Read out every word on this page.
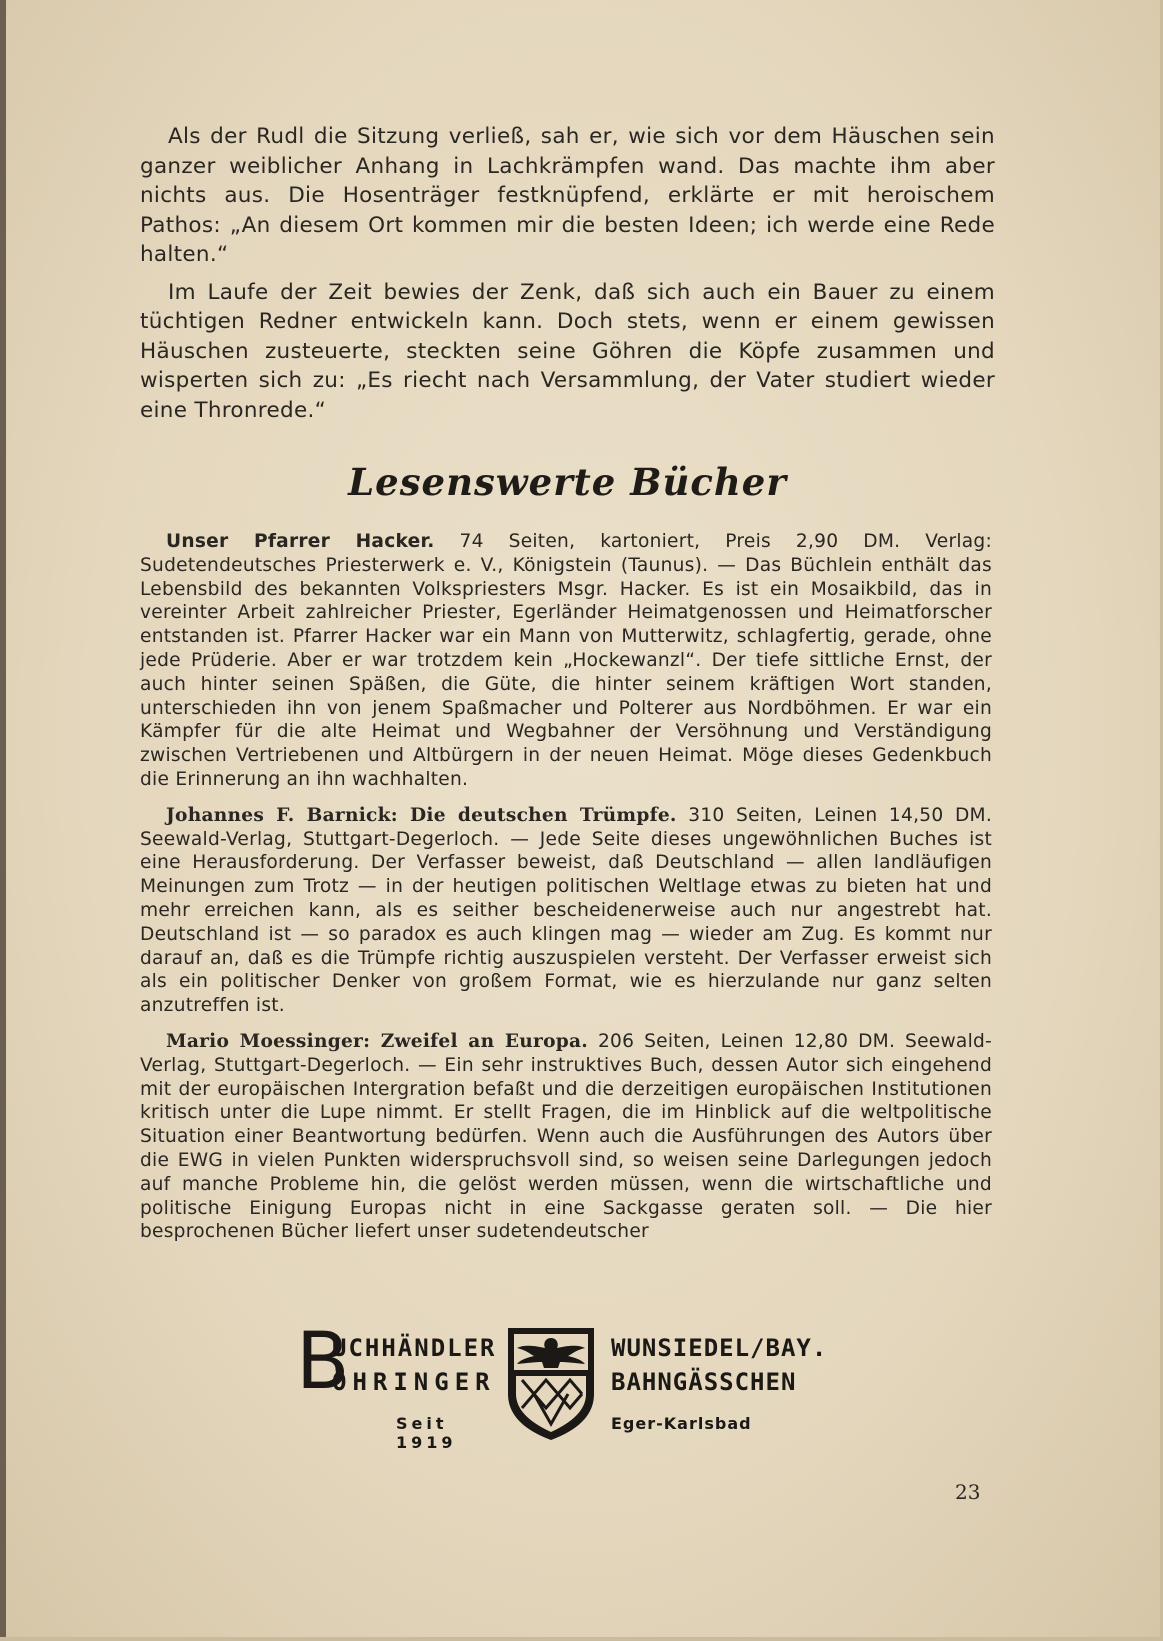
Als der Rudl die Sitzung verließ, sah er, wie sich vor dem Häuschen sein ganzer weiblicher Anhang in Lachkrämpfen wand. Das machte ihm aber nichts aus. Die Hosenträger festknüpfend, erklärte er mit heroischem Pathos: „An diesem Ort kommen mir die besten Ideen; ich werde eine Rede halten.“

Im Laufe der Zeit bewies der Zenk, daß sich auch ein Bauer zu einem tüchtigen Redner entwickeln kann. Doch stets, wenn er einem gewissen Häuschen zusteuerte, steckten seine Göhren die Köpfe zusammen und wisperten sich zu: „Es riecht nach Versammlung, der Vater studiert wieder eine Thronrede.“

Lesenswerte Bücher

Unser Pfarrer Hacker. 74 Seiten, kartoniert, Preis 2,90 DM. Verlag: Sudetendeutsches Priesterwerk e. V., Königstein (Taunus). — Das Büchlein enthält das Lebensbild des bekannten Volkspriesters Msgr. Hacker. Es ist ein Mosaikbild, das in vereinter Arbeit zahlreicher Priester, Egerländer Heimatgenossen und Heimatforscher entstanden ist. Pfarrer Hacker war ein Mann von Mutterwitz, schlagfertig, gerade, ohne jede Prüderie. Aber er war trotzdem kein „Hockewanzl“. Der tiefe sittliche Ernst, der auch hinter seinen Späßen, die Güte, die hinter seinem kräftigen Wort standen, unterschieden ihn von jenem Spaßmacher und Polterer aus Nordböhmen. Er war ein Kämpfer für die alte Heimat und Wegbahner der Versöhnung und Verständigung zwischen Vertriebenen und Altbürgern in der neuen Heimat. Möge dieses Gedenkbuch die Erinnerung an ihn wachhalten.

Johannes F. Barnick: Die deutschen Trümpfe. 310 Seiten, Leinen 14,50 DM. Seewald-Verlag, Stuttgart-Degerloch. — Jede Seite dieses ungewöhnlichen Buches ist eine Herausforderung. Der Verfasser beweist, daß Deutschland — allen landläufigen Meinungen zum Trotz — in der heutigen politischen Weltlage etwas zu bieten hat und mehr erreichen kann, als es seither bescheidenerweise auch nur angestrebt hat. Deutschland ist — so paradox es auch klingen mag — wieder am Zug. Es kommt nur darauf an, daß es die Trümpfe richtig auszuspielen versteht. Der Verfasser erweist sich als ein politischer Denker von großem Format, wie es hierzulande nur ganz selten anzutreffen ist.

Mario Moessinger: Zweifel an Europa. 206 Seiten, Leinen 12,80 DM. Seewald-Verlag, Stuttgart-Degerloch. — Ein sehr instruktives Buch, dessen Autor sich eingehend mit der europäischen Intergration befaßt und die derzeitigen europäischen Institutionen kritisch unter die Lupe nimmt. Er stellt Fragen, die im Hinblick auf die weltpolitische Situation einer Beantwortung bedürfen. Wenn auch die Ausführungen des Autors über die EWG in vielen Punkten widerspruchsvoll sind, so weisen seine Darlegungen jedoch auf manche Probleme hin, die gelöst werden müssen, wenn die wirtschaftliche und politische Einigung Europas nicht in eine Sackgasse geraten soll. — Die hier besprochenen Bücher liefert unser sudetendeutscher

B
UCHHÄNDLER
ÖHRINGER
Seit 1919
WUNSIEDEL/BAY.
BAHNGÄSSCHEN
Eger-Karlsbad
23
